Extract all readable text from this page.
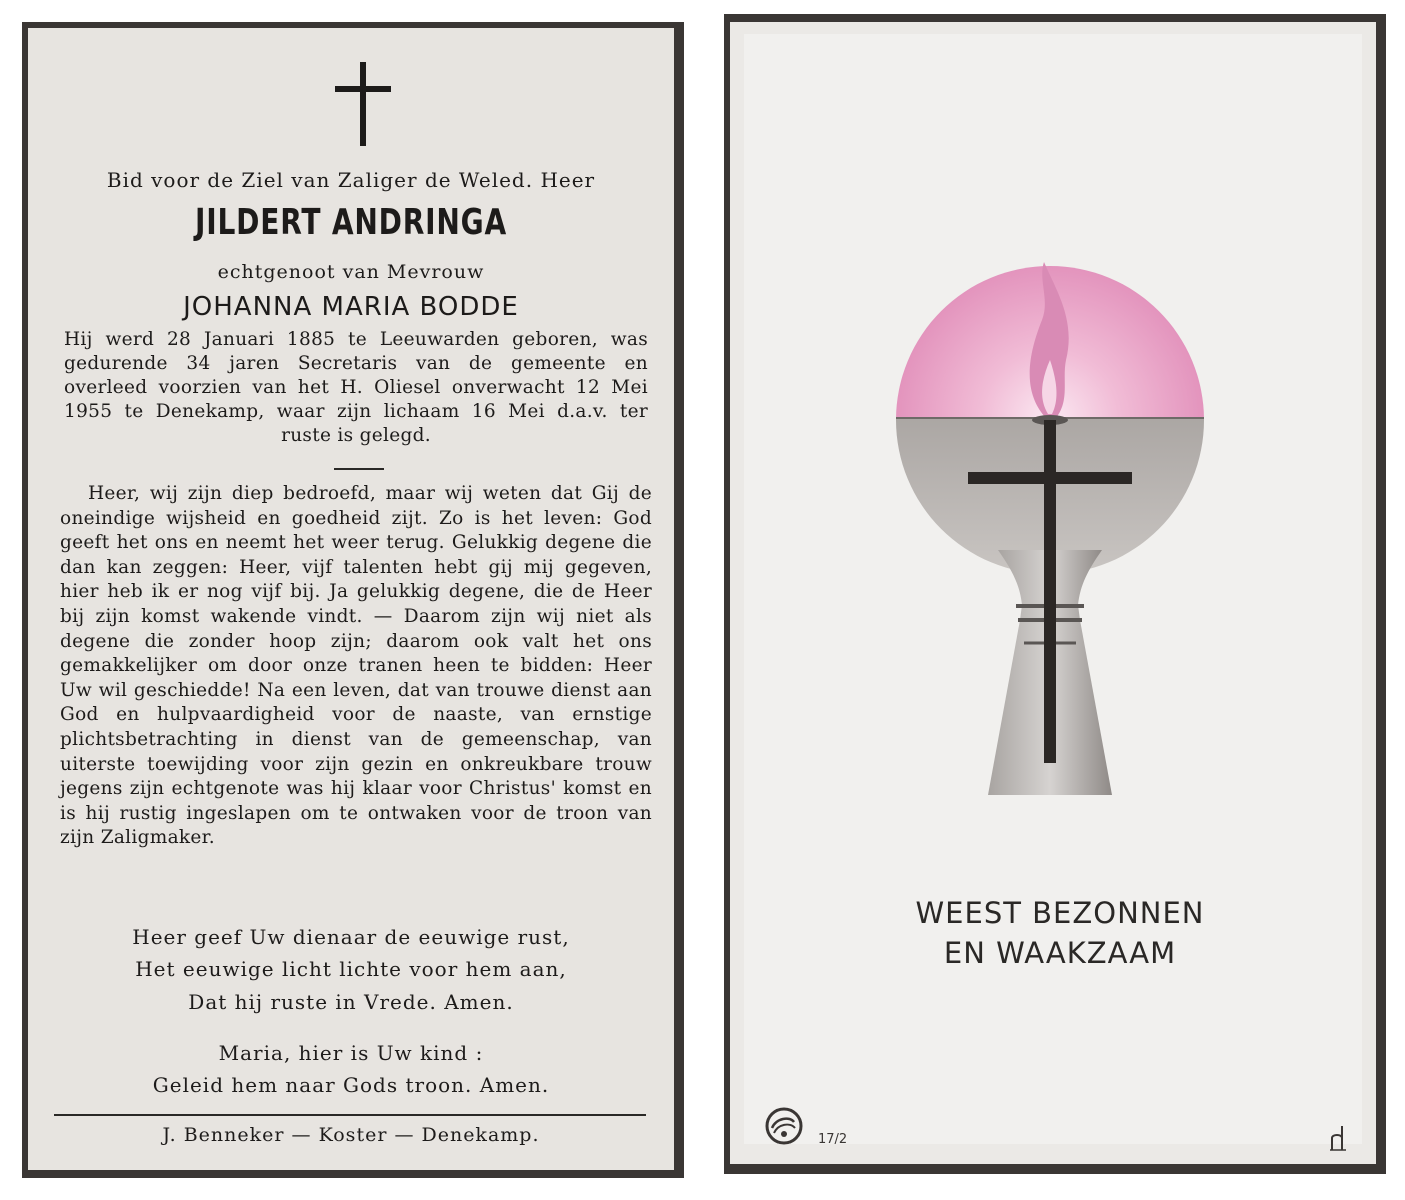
Bid voor de Ziel van Zaliger de Weled. Heer

JILDERT ANDRINGA

echtgenoot van Mevrouw

JOHANNA MARIA BODDE

Hij werd 28 Januari 1885 te Leeuwarden geboren, was gedurende 34 jaren Secretaris van de gemeente en overleed voorzien van het H. Oliesel onverwacht 12 Mei 1955 te Denekamp, waar zijn lichaam 16 Mei d.a.v. ter ruste is gelegd.

Heer, wij zijn diep bedroefd, maar wij weten dat Gij de oneindige wijsheid en goedheid zijt. Zo is het leven: God geeft het ons en neemt het weer terug. Gelukkig degene die dan kan zeggen: Heer, vijf talenten hebt gij mij gegeven, hier heb ik er nog vijf bij. Ja gelukkig degene, die de Heer bij zijn komst wakende vindt. — Daarom zijn wij niet als degene die zonder hoop zijn; daarom ook valt het ons gemakkelijker om door onze tranen heen te bidden: Heer Uw wil geschiedde! Na een leven, dat van trouwe dienst aan God en hulpvaardigheid voor de naaste, van ernstige plichtsbetrachting in dienst van de gemeenschap, van uiterste toewijding voor zijn gezin en onkreukbare trouw jegens zijn echtgenote was hij klaar voor Christus' komst en is hij rustig ingeslapen om te ontwaken voor de troon van zijn Zaligmaker.

Heer geef Uw dienaar de eeuwige rust,

Het eeuwige licht lichte voor hem aan,

Dat hij ruste in Vrede. Amen.

Maria, hier is Uw kind :

Geleid hem naar Gods troon. Amen.

J. Benneker — Koster — Denekamp.

WEEST BEZONNEN

EN WAAKZAAM

17/2
